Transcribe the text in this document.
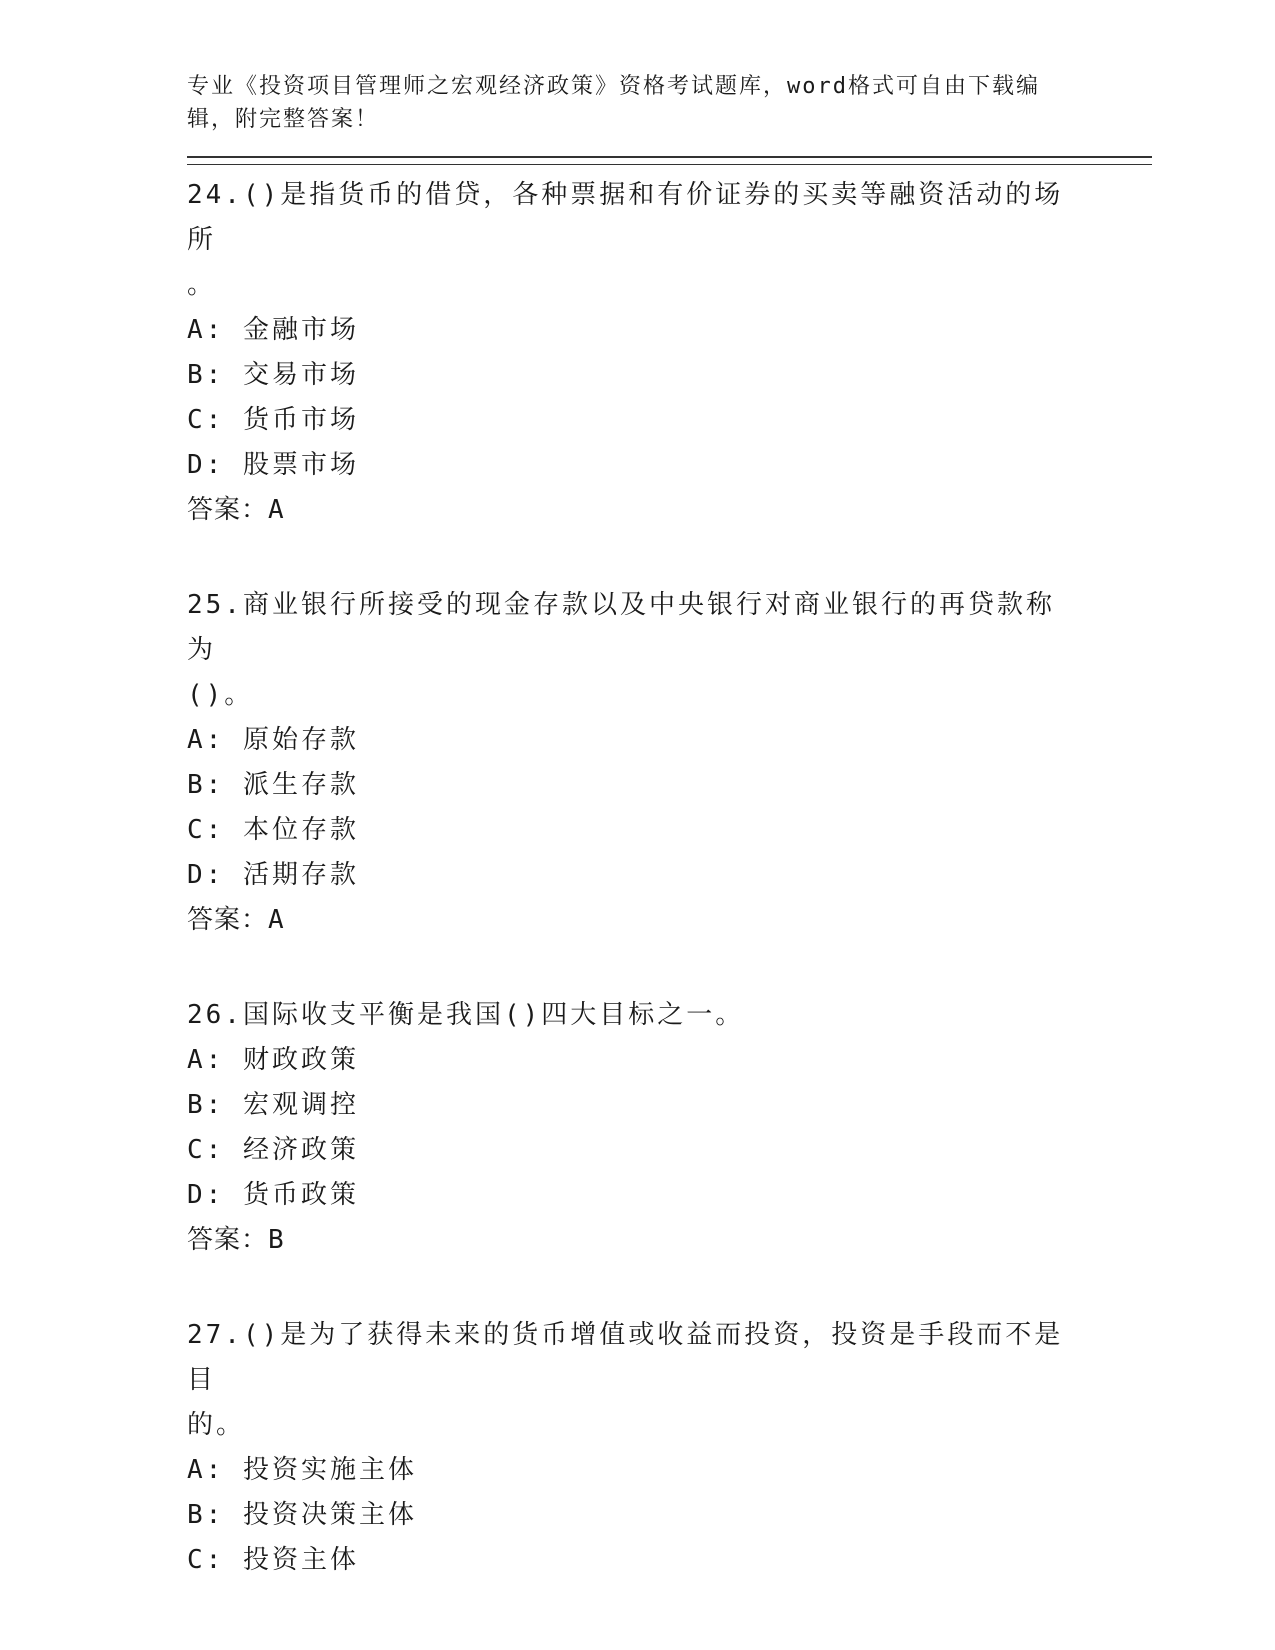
专业《投资项目管理师之宏观经济政策》资格考试题库，word格式可自由下载编
辑，附完整答案！
24.()是指货币的借贷，各种票据和有价证券的买卖等融资活动的场所
。
A: 金融市场
B: 交易市场
C: 货币市场
D: 股票市场
答案：A
25.商业银行所接受的现金存款以及中央银行对商业银行的再贷款称为
()。
A: 原始存款
B: 派生存款
C: 本位存款
D: 活期存款
答案：A
26.国际收支平衡是我国()四大目标之一。
A: 财政政策
B: 宏观调控
C: 经济政策
D: 货币政策
答案：B
27.()是为了获得未来的货币增值或收益而投资，投资是手段而不是目
的。
A: 投资实施主体
B: 投资决策主体
C: 投资主体
